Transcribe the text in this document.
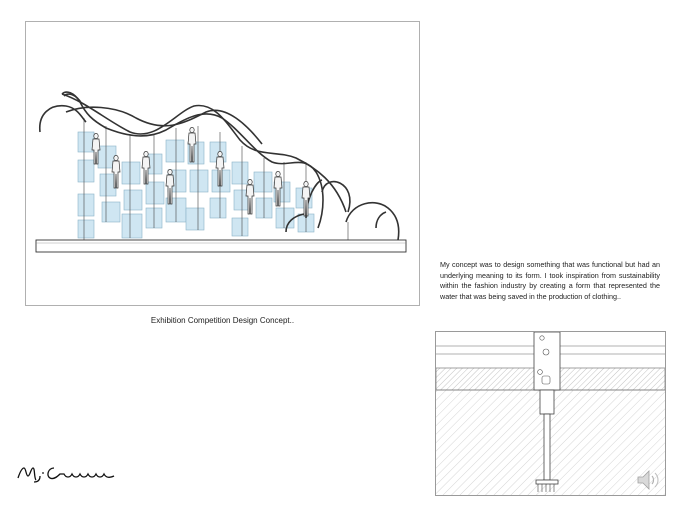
Exhibition Competition Design Concept..
My concept was to design something that was functional but had an underlying meaning to its form. I took inspiration from sustainability within the fashion industry by creating a form that represented the water that was being saved in the production of clothing..
